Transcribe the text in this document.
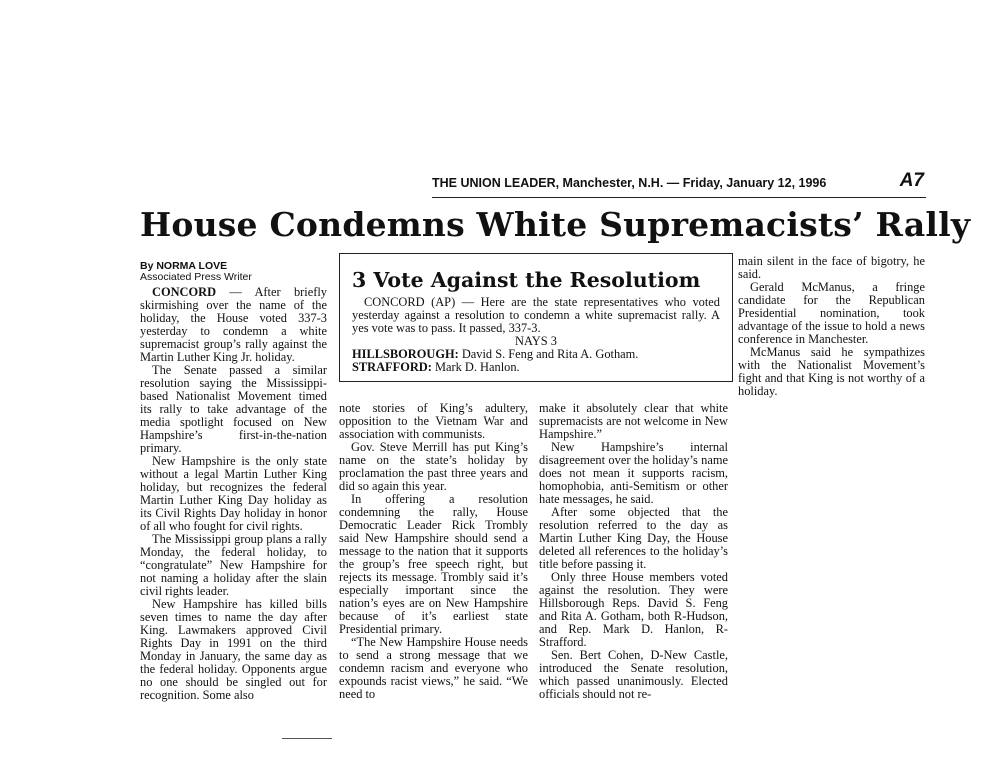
THE UNION LEADER, Manchester, N.H. — Friday, January 12, 1996	A7
House Condemns White Supremacists’ Rally
By NORMA LOVE
Associated Press Writer

CONCORD — After briefly skirmishing over the name of the holiday, the House voted 337-3 yesterday to condemn a white supremacist group’s rally against the Martin Luther King Jr. holiday.

The Senate passed a similar resolution saying the Mississippi-based Nationalist Movement timed its rally to take advantage of the media spotlight focused on New Hampshire’s first-in-the-nation primary.

New Hampshire is the only state without a legal Martin Luther King holiday, but recognizes the federal Martin Luther King Day holiday as its Civil Rights Day holiday in honor of all who fought for civil rights.

The Mississippi group plans a rally Monday, the federal holiday, to “congratulate” New Hampshire for not naming a holiday after the slain civil rights leader.

New Hampshire has killed bills seven times to name the day after King. Lawmakers approved Civil Rights Day in 1991 on the third Monday in January, the same day as the federal holiday. Opponents argue no one should be singled out for recognition. Some also

3 Vote Against the Resolutiom

CONCORD (AP) — Here are the state representatives who voted yesterday against a resolution to condemn a white supremacist rally. A yes vote was to pass. It passed, 337-3.

NAYS 3

HILLSBOROUGH: David S. Feng and Rita A. Gotham.

STRAFFORD: Mark D. Hanlon.

note stories of King’s adultery, opposition to the Vietnam War and association with communists.

Gov. Steve Merrill has put King’s name on the state’s holiday by proclamation the past three years and did so again this year.

In offering a resolution condemning the rally, House Democratic Leader Rick Trombly said New Hampshire should send a message to the nation that it supports the group’s free speech right, but rejects its message. Trombly said it’s especially important since the nation’s eyes are on New Hampshire because of it’s earliest state Presidential primary.

“The New Hampshire House needs to send a strong message that we condemn racism and everyone who expounds racist views,” he said. “We need to

make it absolutely clear that white supremacists are not welcome in New Hampshire.”

New Hampshire’s internal disagreement over the holiday’s name does not mean it supports racism, homophobia, anti-Semitism or other hate messages, he said.

After some objected that the resolution referred to the day as Martin Luther King Day, the House deleted all references to the holiday’s title before passing it.

Only three House members voted against the resolution. They were Hillsborough Reps. David S. Feng and Rita A. Gotham, both R-Hudson, and Rep. Mark D. Hanlon, R-Strafford.

Sen. Bert Cohen, D-New Castle, introduced the Senate resolution, which passed unanimously. Elected officials should not re-

main silent in the face of bigotry, he said.

Gerald McManus, a fringe candidate for the Republican Presidential nomination, took advantage of the issue to hold a news conference in Manchester.

McManus said he sympathizes with the Nationalist Movement’s fight and that King is not worthy of a holiday.
